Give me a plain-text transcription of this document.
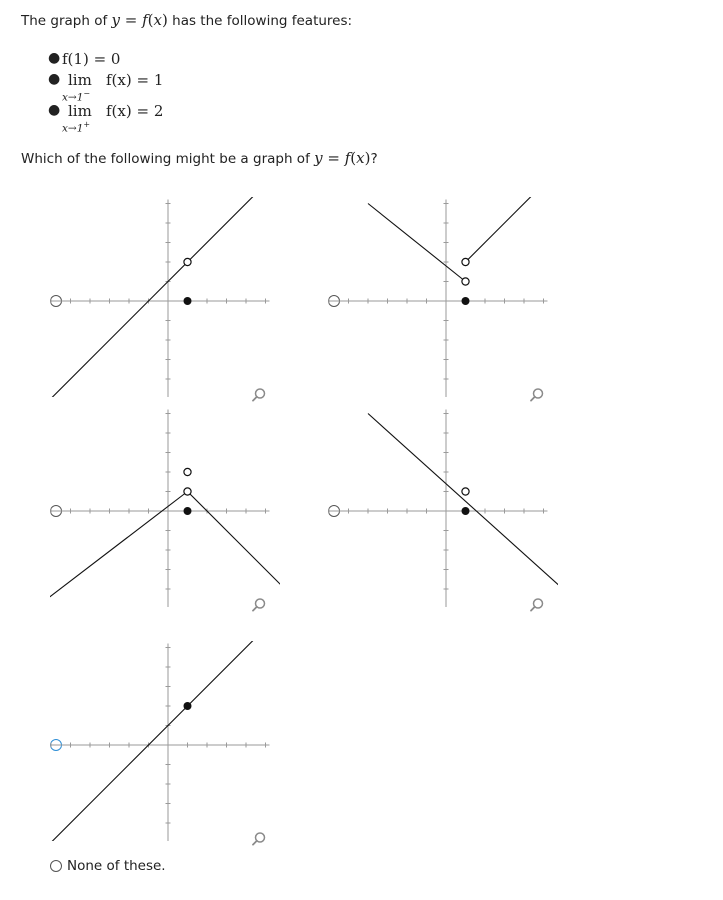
The graph of y = f(x) has the following features:
● f(1) = 0
● lim
x→1−
f(x) = 1
● lim
x→1+
f(x) = 2
Which of the following might be a graph of y = f(x)?
None of these.
